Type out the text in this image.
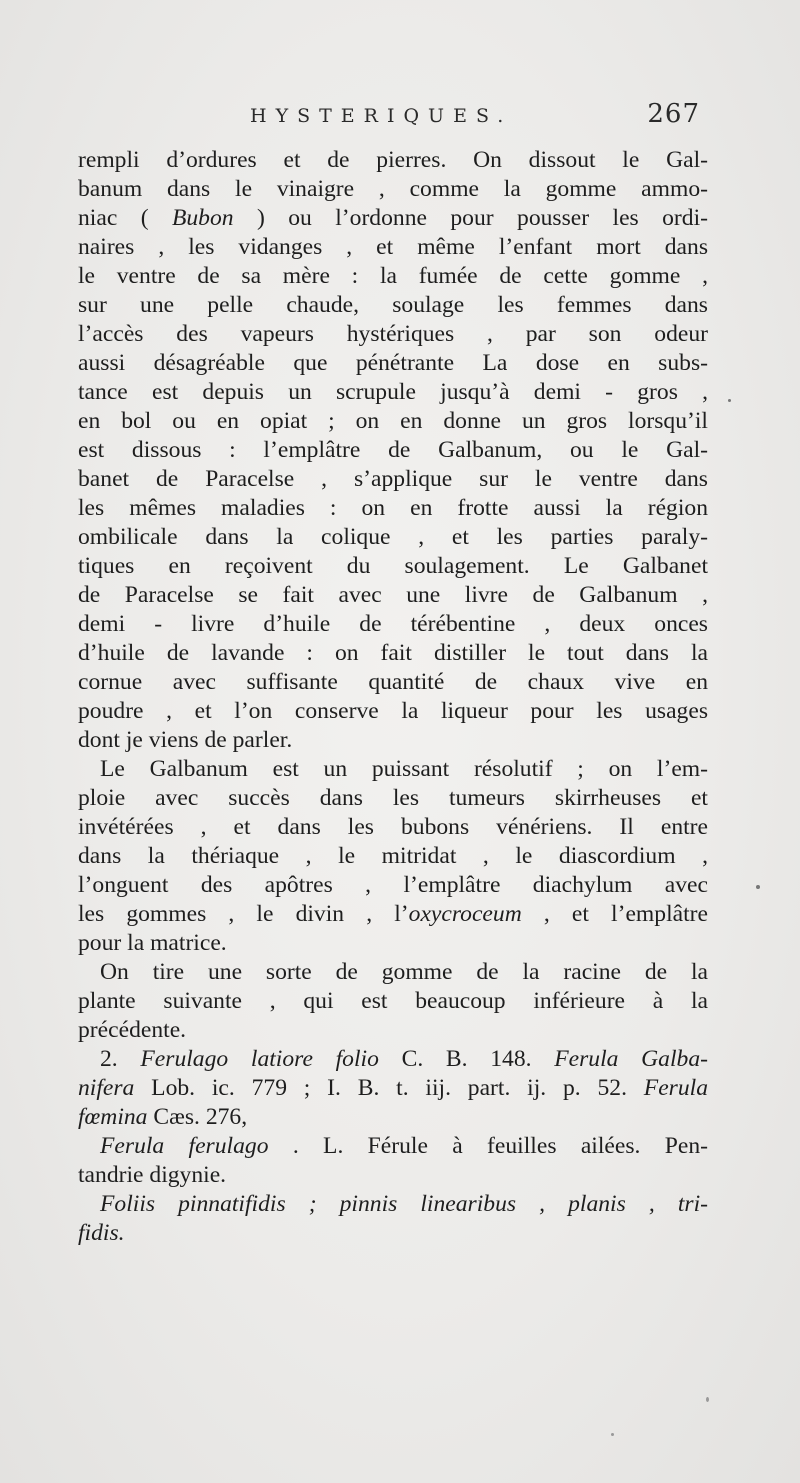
HYSTERIQUES.	267
rempli d’ordures et de pierres. On dissout le Gal-
banum dans le vinaigre , comme la gomme ammo-
niac ( Bubon ) ou l’ordonne pour pousser les ordi-
naires , les vidanges , et même l’enfant mort dans
le ventre de sa mère : la fumée de cette gomme ,
sur une pelle chaude, soulage les femmes dans
l’accès des vapeurs hystériques , par son odeur
aussi désagréable que pénétrante La dose en subs-
tance est depuis un scrupule jusqu’à demi - gros ,
en bol ou en opiat ; on en donne un gros lorsqu’il
est dissous : l’emplâtre de Galbanum, ou le Gal-
banet de Paracelse , s’applique sur le ventre dans
les mêmes maladies : on en frotte aussi la région
ombilicale dans la colique , et les parties paraly-
tiques en reçoivent du soulagement. Le Galbanet
de Paracelse se fait avec une livre de Galbanum ,
demi - livre d’huile de térébentine , deux onces
d’huile de lavande : on fait distiller le tout dans la
cornue avec suffisante quantité de chaux vive en
poudre , et l’on conserve la liqueur pour les usages
dont je viens de parler.
Le Galbanum est un puissant résolutif ; on l’em-
ploie avec succès dans les tumeurs skirrheuses et
invétérées , et dans les bubons vénériens. Il entre
dans la thériaque , le mitridat , le diascordium ,
l’onguent des apôtres , l’emplâtre diachylum avec
les gommes , le divin , l’oxycroceum , et l’emplâtre
pour la matrice.
On tire une sorte de gomme de la racine de la
plante suivante , qui est beaucoup inférieure à la
précédente.
2. Ferulago latiore folio C. B. 148. Ferula Galba-
nifera Lob. ic. 779 ; I. B. t. iij. part. ij. p. 52. Ferula
fœmina Cæs. 276,
Ferula ferulago . L. Férule à feuilles ailées. Pen-
tandrie digynie.
Foliis pinnatifidis ; pinnis linearibus , planis , tri-
fidis.
